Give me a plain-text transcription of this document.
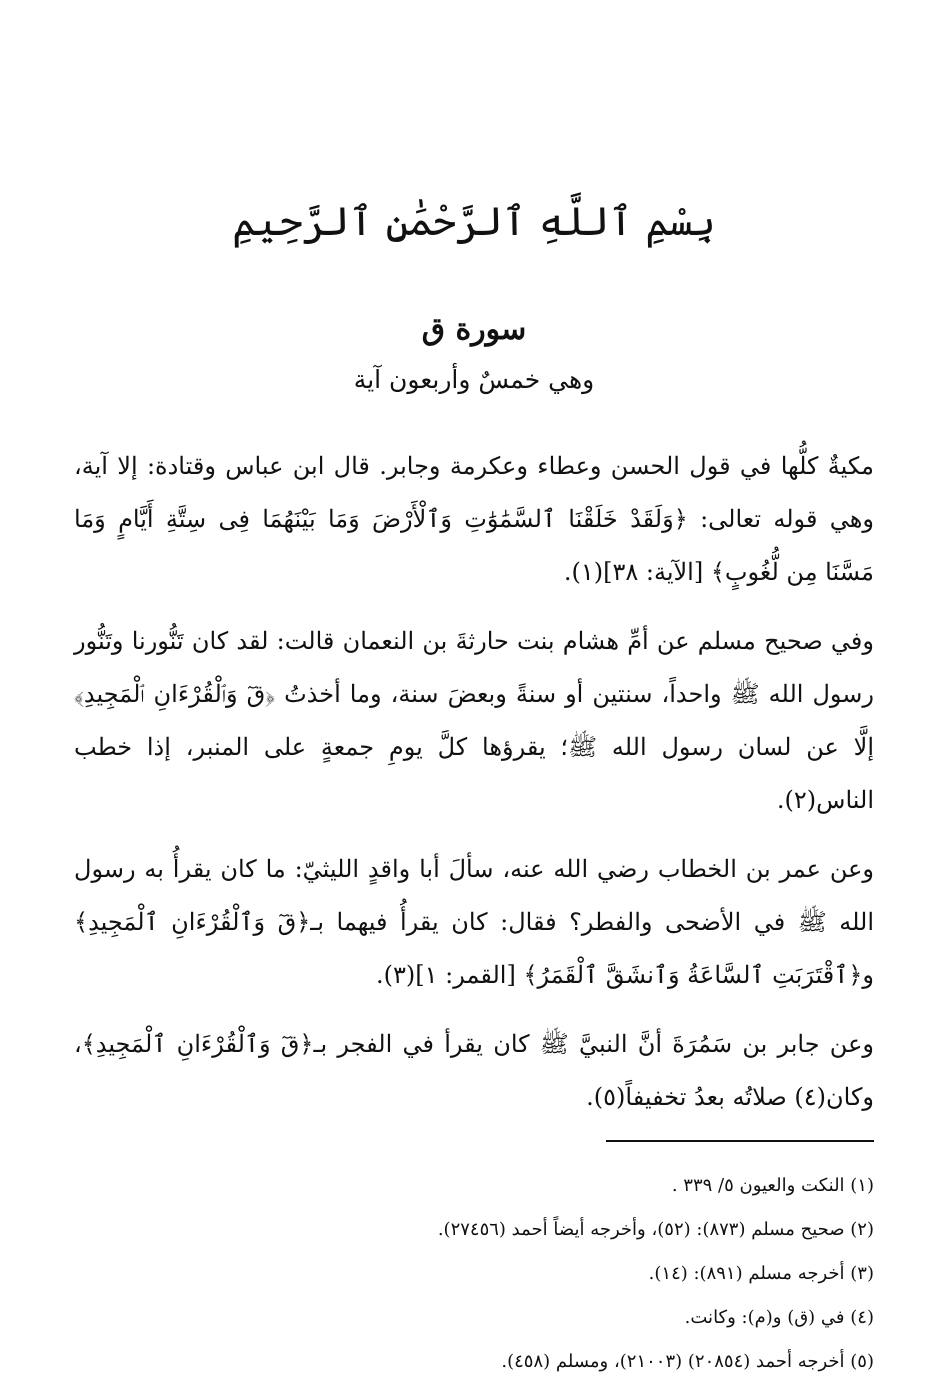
بِسْمِ ٱللَّهِ ٱلرَّحْمَٰنِ ٱلرَّحِيمِ
سورة ق
وهي خمسٌ وأربعون آية

مكيةٌ كلُّها في قول الحسن وعطاء وعكرمة وجابر. قال ابن عباس وقتادة: إلا آية، وهي قوله تعالى: ﴿وَلَقَدْ خَلَقْنَا ٱلسَّمَٰوَٰتِ وَٱلْأَرْضَ وَمَا بَيْنَهُمَا فِى سِتَّةِ أَيَّامٍ وَمَا مَسَّنَا مِن لُّغُوبٍ﴾ [الآية: ٣٨](١).

وفي صحيح مسلم عن أمِّ هشام بنت حارثةَ بن النعمان قالت: لقد كان تَنُّورنا وتَنُّور رسول الله ﷺ واحداً، سنتين أو سنةً وبعضَ سنة، وما أخذتُ ﴿قٓ وَٱلْقُرْءَانِ ٱلْمَجِيدِ﴾ إلَّا عن لسان رسول الله ﷺ؛ يقرؤها كلَّ يومِ جمعةٍ على المنبر، إذا خطب الناس(٢).

وعن عمر بن الخطاب رضي الله عنه، سألَ أبا واقدٍ الليثيّ: ما كان يقرأُ به رسول الله ﷺ في الأضحى والفطر؟ فقال: كان يقرأُ فيهما بـ﴿قٓ وَٱلْقُرْءَانِ ٱلْمَجِيدِ﴾ و﴿ٱقْتَرَبَتِ ٱلسَّاعَةُ وَٱنشَقَّ ٱلْقَمَرُ﴾ [القمر: ١](٣).

وعن جابر بن سَمُرَةَ أنَّ النبيَّ ﷺ كان يقرأ في الفجر بـ﴿قٓ وَٱلْقُرْءَانِ ٱلْمَجِيدِ﴾، وكان(٤) صلاتُه بعدُ تخفيفاً(٥).

(١) النكت والعيون ٥/ ٣٣٩ .

(٢) صحيح مسلم (٨٧٣): (٥٢)، وأخرجه أيضاً أحمد (٢٧٤٥٦).

(٣) أخرجه مسلم (٨٩١): (١٤).

(٤) في (ق) و(م): وكانت.

(٥) أخرجه أحمد (٢٠٨٥٤) (٢١٠٠٣)، ومسلم (٤٥٨).
